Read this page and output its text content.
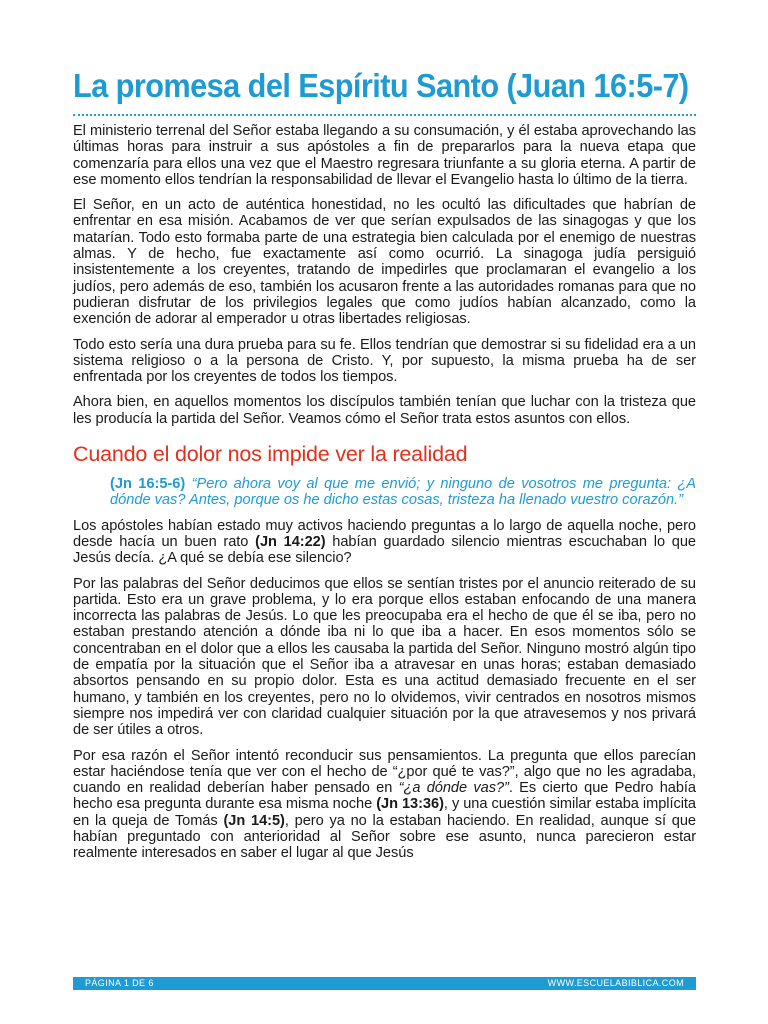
La promesa del Espíritu Santo (Juan 16:5-7)

El ministerio terrenal del Señor estaba llegando a su consumación, y él estaba aprovechando las últimas horas para instruir a sus apóstoles a fin de prepararlos para la nueva etapa que comenzaría para ellos una vez que el Maestro regresara triunfante a su gloria eterna. A partir de ese momento ellos tendrían la responsabilidad de llevar el Evangelio hasta lo último de la tierra.

El Señor, en un acto de auténtica honestidad, no les ocultó las dificultades que habrían de enfrentar en esa misión. Acabamos de ver que serían expulsados de las sinagogas y que los matarían. Todo esto formaba parte de una estrategia bien calculada por el enemigo de nuestras almas. Y de hecho, fue exactamente así como ocurrió. La sinagoga judía persiguió insistentemente a los creyentes, tratando de impedirles que proclamaran el evangelio a los judíos, pero además de eso, también los acusaron frente a las autoridades romanas para que no pudieran disfrutar de los privilegios legales que como judíos habían alcanzado, como la exención de adorar al emperador u otras libertades religiosas.

Todo esto sería una dura prueba para su fe. Ellos tendrían que demostrar si su fidelidad era a un sistema religioso o a la persona de Cristo. Y, por supuesto, la misma prueba ha de ser enfrentada por los creyentes de todos los tiempos.

Ahora bien, en aquellos momentos los discípulos también tenían que luchar con la tristeza que les producía la partida del Señor. Veamos cómo el Señor trata estos asuntos con ellos.

Cuando el dolor nos impide ver la realidad

(Jn 16:5-6) “Pero ahora voy al que me envió; y ninguno de vosotros me pregunta: ¿A dónde vas? Antes, porque os he dicho estas cosas, tristeza ha llenado vuestro corazón.”

Los apóstoles habían estado muy activos haciendo preguntas a lo largo de aquella noche, pero desde hacía un buen rato (Jn 14:22) habían guardado silencio mientras escuchaban lo que Jesús decía. ¿A qué se debía ese silencio?

Por las palabras del Señor deducimos que ellos se sentían tristes por el anuncio reiterado de su partida. Esto era un grave problema, y lo era porque ellos estaban enfocando de una manera incorrecta las palabras de Jesús. Lo que les preocupaba era el hecho de que él se iba, pero no estaban prestando atención a dónde iba ni lo que iba a hacer. En esos momentos sólo se concentraban en el dolor que a ellos les causaba la partida del Señor. Ninguno mostró algún tipo de empatía por la situación que el Señor iba a atravesar en unas horas; estaban demasiado absortos pensando en su propio dolor. Esta es una actitud demasiado frecuente en el ser humano, y también en los creyentes, pero no lo olvidemos, vivir centrados en nosotros mismos siempre nos impedirá ver con claridad cualquier situación por la que atravesemos y nos privará de ser útiles a otros.

Por esa razón el Señor intentó reconducir sus pensamientos. La pregunta que ellos parecían estar haciéndose tenía que ver con el hecho de “¿por qué te vas?”, algo que no les agradaba, cuando en realidad deberían haber pensado en “¿a dónde vas?”. Es cierto que Pedro había hecho esa pregunta durante esa misma noche (Jn 13:36), y una cuestión similar estaba implícita en la queja de Tomás (Jn 14:5), pero ya no la estaban haciendo. En realidad, aunque sí que habían preguntado con anterioridad al Señor sobre ese asunto, nunca parecieron estar realmente interesados en saber el lugar al que Jesús

PÁGINA 1 DE 6	WWW.ESCUELABIBLICA.COM
